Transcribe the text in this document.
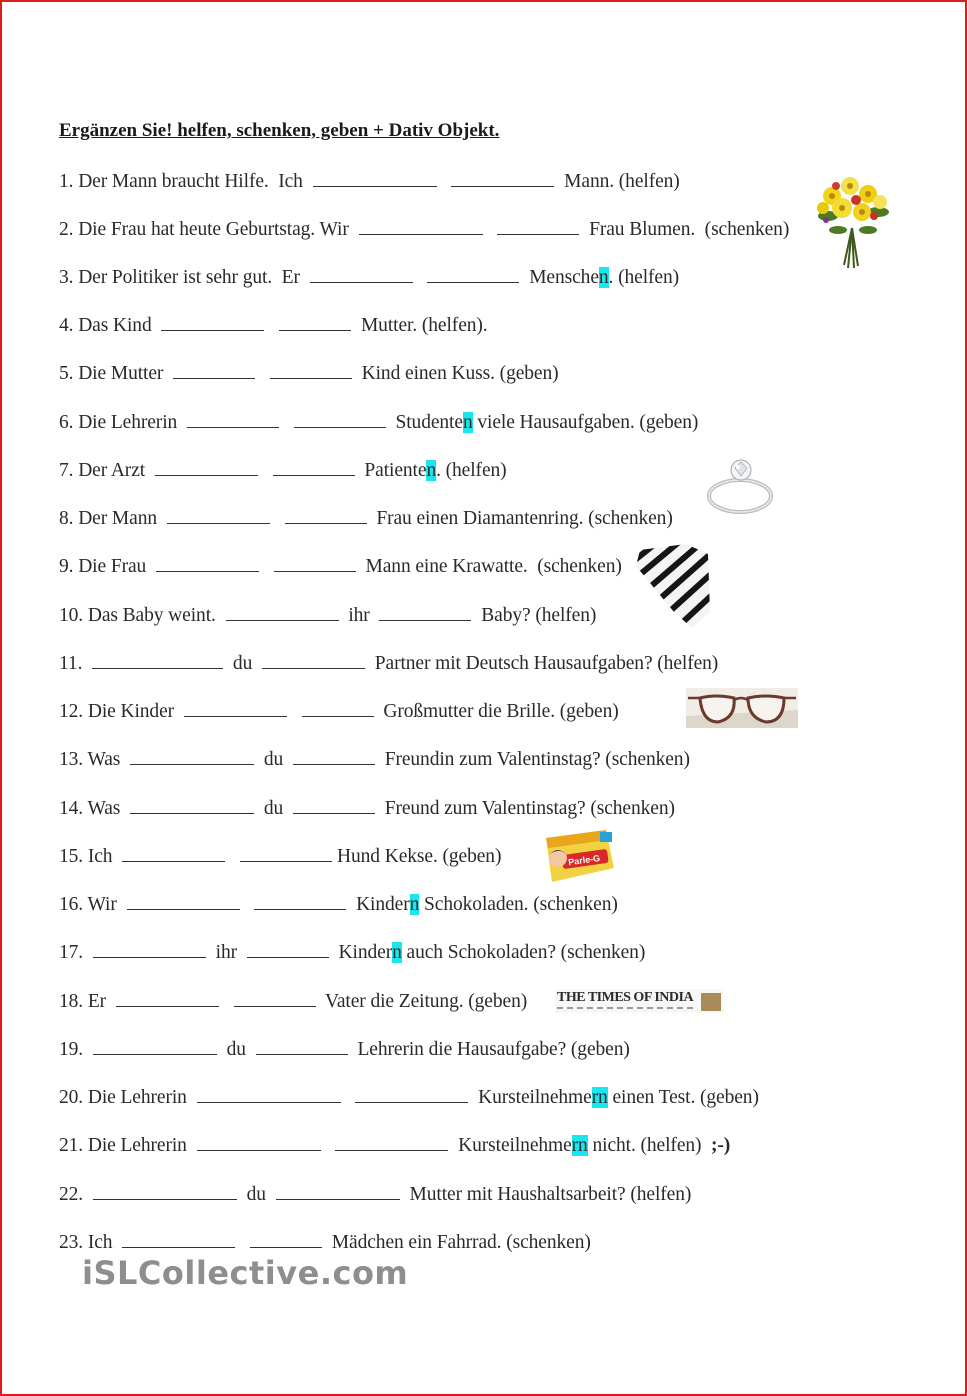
Ergänzen Sie! helfen, schenken, geben + Dativ Objekt.
1. Der Mann braucht Hilfe.  Ich	Mann. (helfen)
2. Die Frau hat heute Geburtstag. Wir	Frau Blumen.  (schenken)
3. Der Politiker ist sehr gut.  Er	Menschen. (helfen)
4. Das Kind	Mutter. (helfen).
5. Die Mutter	Kind einen Kuss. (geben)
6. Die Lehrerin	Studenten viele Hausaufgaben. (geben)
7. Der Arzt	Patienten. (helfen)
8. Der Mann	Frau einen Diamantenring. (schenken)
9. Die Frau	Mann eine Krawatte.  (schenken)
10. Das Baby weint.	ihr	Baby? (helfen)
11.	du	Partner mit Deutsch Hausaufgaben? (helfen)
12. Die Kinder	Großmutter die Brille. (geben)
13. Was	du	Freundin zum Valentinstag? (schenken)
14. Was	du	Freund zum Valentinstag? (schenken)
15. Ich	Hund Kekse. (geben)
16. Wir	Kindern Schokoladen. (schenken)
17.	ihr	Kindern auch Schokoladen? (schenken)
18. Er	Vater die Zeitung. (geben)
19.	du	Lehrerin die Hausaufgabe? (geben)
20. Die Lehrerin	Kursteilnehmern einen Test. (geben)
21. Die Lehrerin	Kursteilnehmern nicht. (helfen)  ;-)
22.	du	Mutter mit Haushaltsarbeit? (helfen)
23. Ich	Mädchen ein Fahrrad. (schenken)
Parle-G
THE TIMES OF INDIA
iSLCollective.com
